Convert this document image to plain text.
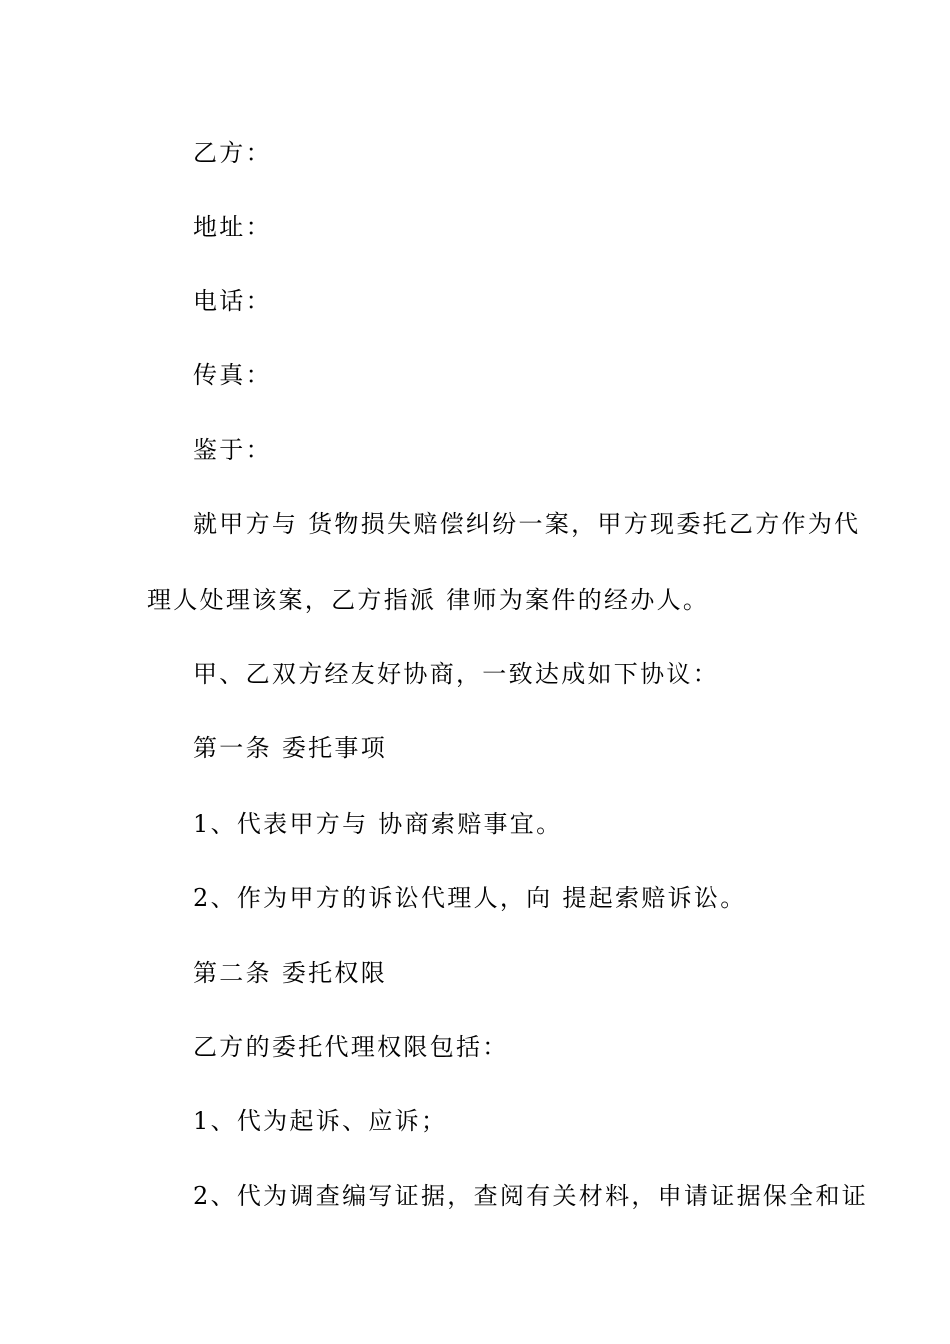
乙方：
地址：
电话：
传真：
鉴于：
就甲方与 货物损失赔偿纠纷一案，甲方现委托乙方作为代
理人处理该案，乙方指派 律师为案件的经办人。
甲、乙双方经友好协商，一致达成如下协议：
第一条 委托事项
1、代表甲方与 协商索赔事宜。
2、作为甲方的诉讼代理人，向 提起索赔诉讼。
第二条 委托权限
乙方的委托代理权限包括：
1、代为起诉、应诉；
2、代为调查编写证据，查阅有关材料，申请证据保全和证
